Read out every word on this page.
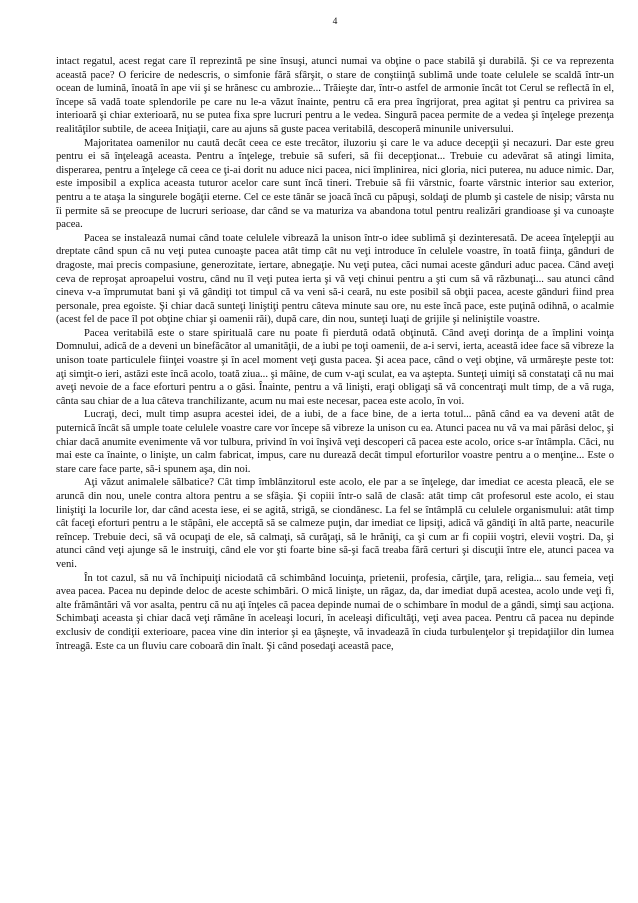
4

intact regatul, acest regat care îl reprezintă pe sine însuşi, atunci numai va obţine o pace stabilă şi durabilă. Şi ce va reprezenta această pace? O fericire de nedescris, o simfonie fără sfârşit, o stare de conştiinţă sublimă unde toate celulele se scaldă într-un ocean de lumină, înoată în ape vii şi se hrănesc cu ambrozie... Trăieşte dar, într-o astfel de armonie încât tot Cerul se reflectă în el, începe să vadă toate splendorile pe care nu le-a văzut înainte, pentru că era prea îngrijorat, prea agitat şi pentru ca privirea sa interioară şi chiar exterioară, nu se putea fixa spre lucruri pentru a le vedea. Singură pacea permite de a vedea şi înţelege prezenţa realităţilor subtile, de aceea Iniţiaţii, care au ajuns să guste pacea veritabilă, descoperă minunile universului.

Majoritatea oamenilor nu caută decât ceea ce este trecător, iluzoriu şi care le va aduce decepţii şi necazuri. Dar este greu pentru ei să înţeleagă aceasta. Pentru a înţelege, trebuie să suferi, să fii decepţionat... Trebuie cu adevărat să atingi limita, disperarea, pentru a înţelege că ceea ce ţi-ai dorit nu aduce nici pacea, nici împlinirea, nici gloria, nici puterea, nu aduce nimic. Dar, este imposibil a explica aceasta tuturor acelor care sunt încă tineri. Trebuie să fii vârstnic, foarte vârstnic interior sau exterior, pentru a te ataşa la singurele bogăţii eterne. Cel ce este tânăr se joacă încă cu păpuşi, soldaţi de plumb şi castele de nisip; vârsta nu îi permite să se preocupe de lucruri serioase, dar când se va maturiza va abandona totul pentru realizări grandioase şi va cunoaşte pacea.

Pacea se instalează numai când toate celulele vibrează la unison într-o idee sublimă şi dezinteresată. De aceea înţelepţii au dreptate când spun că nu veţi putea cunoaşte pacea atât timp cât nu veţi introduce în celulele voastre, în toată fiinţa, gânduri de dragoste, mai precis compasiune, generozitate, iertare, abnegaţie. Nu veţi putea, căci numai aceste gânduri aduc pacea. Când aveţi ceva de reproşat aproapelui vostru, când nu îl veţi putea ierta şi vă veţi chinui pentru a şti cum să vă răzbunaţi... sau atunci când cineva v-a împrumutat bani şi vă gândiţi tot timpul că va veni să-i ceară, nu este posibil să obţii pacea, aceste gânduri fiind prea personale, prea egoiste. Şi chiar dacă sunteţi liniştiţi pentru câteva minute sau ore, nu este încă pace, este puţină odihnă, o acalmie (acest fel de pace îl pot obţine chiar şi oamenii răi), după care, din nou, sunteţi luaţi de grijile şi neliniştile voastre.

Pacea veritabilă este o stare spirituală care nu poate fi pierdută odată obţinută. Când aveţi dorinţa de a împlini voinţa Domnului, adică de a deveni un binefăcător al umanităţii, de a iubi pe toţi oamenii, de a-i servi, ierta, această idee face să vibreze la unison toate particulele fiinţei voastre şi în acel moment veţi gusta pacea. Şi acea pace, când o veţi obţine, vă urmăreşte peste tot: aţi simţit-o ieri, astăzi este încă acolo, toată ziua... şi mâine, de cum v-aţi sculat, ea va aştepta. Sunteţi uimiţi să constataţi că nu mai aveţi nevoie de a face eforturi pentru a o găsi. Înainte, pentru a vă linişti, eraţi obligaţi să vă concentraţi mult timp, de a vă ruga, cânta sau chiar de a lua câteva tranchilizante, acum nu mai este necesar, pacea este acolo, în voi.

Lucraţi, deci, mult timp asupra acestei idei, de a iubi, de a face bine, de a ierta totul... până când ea va deveni atât de puternică încât să umple toate celulele voastre care vor începe să vibreze la unison cu ea. Atunci pacea nu vă va mai părăsi deloc, şi chiar dacă anumite evenimente vă vor tulbura, privind în voi înşivă veţi descoperi că pacea este acolo, orice s-ar întâmpla. Căci, nu mai este ca înainte, o linişte, un calm fabricat, impus, care nu durează decât timpul eforturilor voastre pentru a o menţine... Este o stare care face parte, să-i spunem aşa, din noi.

Aţi văzut animalele sălbatice? Cât timp îmblânzitorul este acolo, ele par a se înţelege, dar imediat ce acesta pleacă, ele se aruncă din nou, unele contra altora pentru a se sfâşia. Şi copiii într-o sală de clasă: atât timp cât profesorul este acolo, ei stau liniştiţi la locurile lor, dar când acesta iese, ei se agită, strigă, se ciondănesc. La fel se întâmplă cu celulele organismului: atât timp cât faceţi eforturi pentru a le stăpâni, ele acceptă să se calmeze puţin, dar imediat ce lipsiţi, adică vă gândiţi în altă parte, neacurile reîncep. Trebuie deci, să vă ocupaţi de ele, să calmaţi, să curăţaţi, să le hrăniţi, ca şi cum ar fi copiii voştri, elevii voştri. Da, şi atunci când veţi ajunge să le instruiţi, când ele vor şti foarte bine să-şi facă treaba fără certuri şi discuţii între ele, atunci pacea va veni.

În tot cazul, să nu vă închipuiţi niciodată că schimbând locuinţa, prietenii, profesia, cărţile, ţara, religia... sau femeia, veţi avea pacea. Pacea nu depinde deloc de aceste schimbări. O mică linişte, un răgaz, da, dar imediat după acestea, acolo unde veţi fi, alte frământări vă vor asalta, pentru că nu aţi înţeles că pacea depinde numai de o schimbare în modul de a gândi, simţi sau acţiona. Schimbaţi aceasta şi chiar dacă veţi rămâne în aceleaşi locuri, în aceleaşi dificultăţi, veţi avea pacea. Pentru că pacea nu depinde exclusiv de condiţii exterioare, pacea vine din interior şi ea ţâşneşte, vă invadează în ciuda turbulenţelor şi trepidaţiilor din lumea întreagă. Este ca un fluviu care coboară din înalt. Şi când posedaţi această pace,
